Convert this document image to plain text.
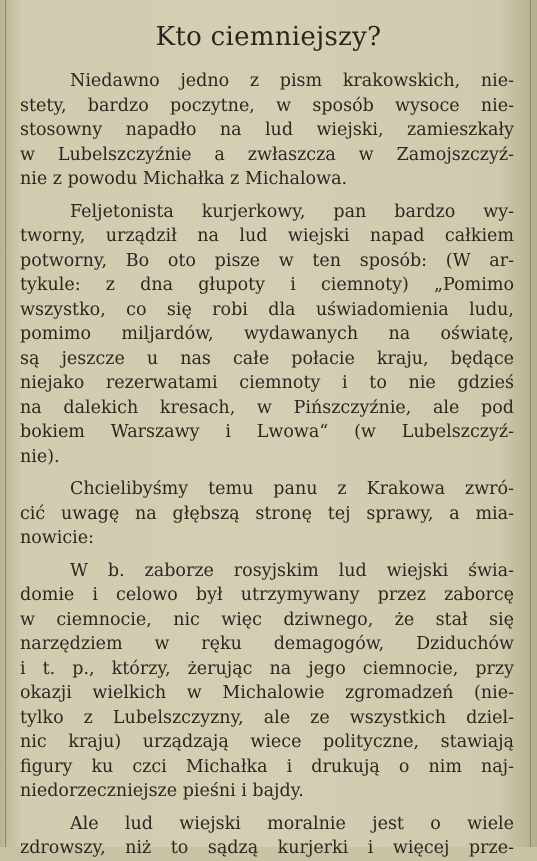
Kto ciemniejszy?
Niedawno jedno z pism krakowskich, nie-
stety, bardzo poczytne, w sposób wysoce nie-
stosowny napadło na lud wiejski, zamieszkały
w Lubelszczyźnie a zwłaszcza w Zamojszczyź-
nie z powodu Michałka z Michalowa.
Feljetonista kurjerkowy, pan bardzo wy-
tworny, urządził na lud wiejski napad całkiem
potworny, Bo oto pisze w ten sposób: (W ar-
tykule: z dna głupoty i ciemnoty) „Pomimo
wszystko, co się robi dla uświadomienia ludu,
pomimo miljardów, wydawanych na oświatę,
są jeszcze u nas całe połacie kraju, będące
niejako rezerwatami ciemnoty i to nie gdzieś
na dalekich kresach, w Pińszczyźnie, ale pod
bokiem Warszawy i Lwowa“ (w Lubelszczyź-
nie).
Chcielibyśmy temu panu z Krakowa zwró-
cić uwagę na głębszą stronę tej sprawy, a mia-
nowicie:
W b. zaborze rosyjskim lud wiejski świa-
domie i celowo był utrzymywany przez zaborcę
w ciemnocie, nic więc dziwnego, że stał się
narzędziem w ręku demagogów, Dziduchów
i t. p., którzy, żerując na jego ciemnocie, przy
okazji wielkich w Michalowie zgromadzeń (nie-
tylko z Lubelszczyzny, ale ze wszystkich dziel-
nic kraju) urządzają wiece polityczne, stawiają
figury ku czci Michałka i drukują o nim naj-
niedorzeczniejsze pieśni i bajdy.
Ale lud wiejski moralnie jest o wiele
zdrowszy, niż to sądzą kurjerki i więcej prze-
